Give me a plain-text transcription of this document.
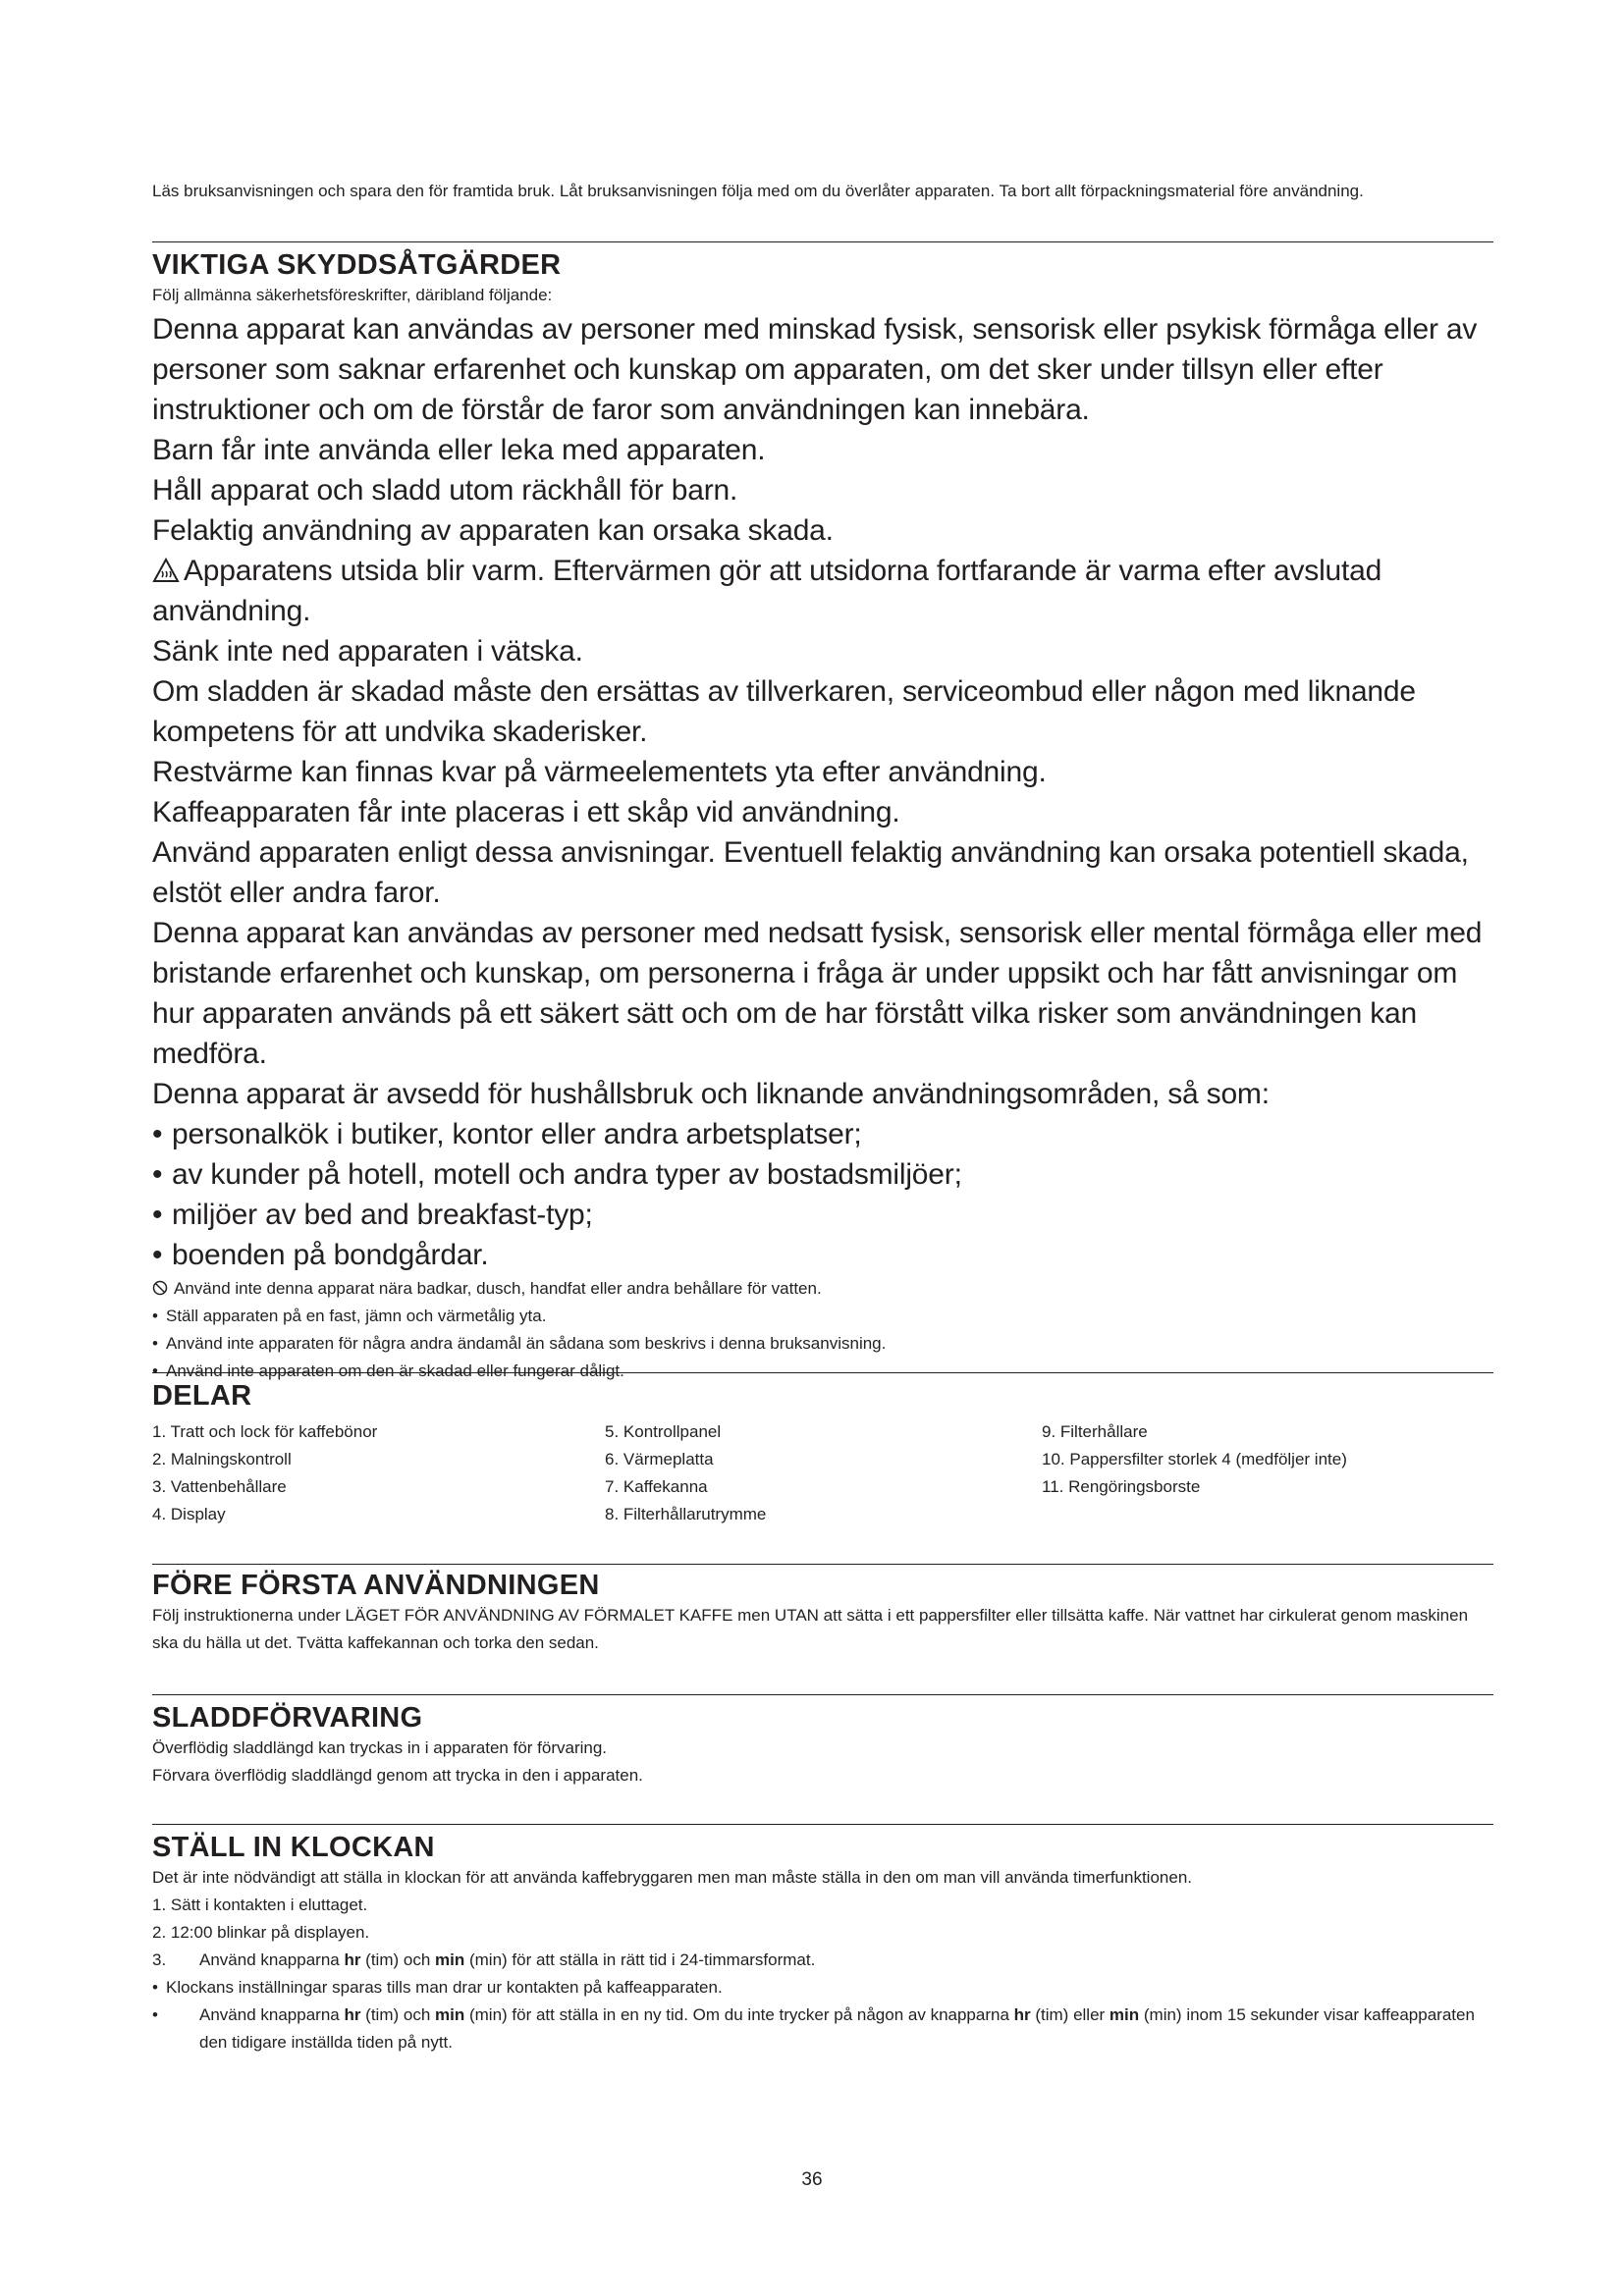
Läs bruksanvisningen och spara den för framtida bruk. Låt bruksanvisningen följa med om du överlåter apparaten. Ta bort allt förpackningsmaterial före användning.

VIKTIGA SKYDDSÅTGÄRDER

Följ allmänna säkerhetsföreskrifter, däribland följande:

Denna apparat kan användas av personer med minskad fysisk, sensorisk eller psykisk förmåga eller av personer som saknar erfarenhet och kunskap om apparaten, om det sker under tillsyn eller efter instruktioner och om de förstår de faror som användningen kan innebära.

Barn får inte använda eller leka med apparaten.

Håll apparat och sladd utom räckhåll för barn.

Felaktig användning av apparaten kan orsaka skada.

Apparatens utsida blir varm. Eftervärmen gör att utsidorna fortfarande är varma efter avslutad användning.

Sänk inte ned apparaten i vätska.

Om sladden är skadad måste den ersättas av tillverkaren, serviceombud eller någon med liknande kompetens för att undvika skaderisker.

Restvärme kan finnas kvar på värmeelementets yta efter användning.

Kaffeapparaten får inte placeras i ett skåp vid användning.

Använd apparaten enligt dessa anvisningar. Eventuell felaktig användning kan orsaka potentiell skada, elstöt eller andra faror.

Denna apparat kan användas av personer med nedsatt fysisk, sensorisk eller mental förmåga eller med bristande erfarenhet och kunskap, om personerna i fråga är under uppsikt och har fått anvisningar om hur apparaten används på ett säkert sätt och om de har förstått vilka risker som användningen kan medföra.

Denna apparat är avsedd för hushållsbruk och liknande användningsområden, så som:

• personalkök i butiker, kontor eller andra arbetsplatser;

• av kunder på hotell, motell och andra typer av bostadsmiljöer;

• miljöer av bed and breakfast-typ;

• boenden på bondgårdar.

Använd inte denna apparat nära badkar, dusch, handfat eller andra behållare för vatten.

• Ställ apparaten på en fast, jämn och värmetålig yta.

• Använd inte apparaten för några andra ändamål än sådana som beskrivs i denna bruksanvisning.

• Använd inte apparaten om den är skadad eller fungerar dåligt.

DELAR
1. Tratt och lock för kaffebönor
2. Malningskontroll
3. Vattenbehållare
4. Display
5. Kontrollpanel
6. Värmeplatta
7. Kaffekanna
8. Filterhållarutrymme
9. Filterhållare
10. Pappersfilter storlek 4 (medföljer inte)
11. Rengöringsborste
FÖRE FÖRSTA ANVÄNDNINGEN

Följ instruktionerna under LÄGET FÖR ANVÄNDNING AV FÖRMALET KAFFE men UTAN att sätta i ett pappersfilter eller tillsätta kaffe. När vattnet har cirkulerat genom maskinen ska du hälla ut det. Tvätta kaffekannan och torka den sedan.

SLADDFÖRVARING

Överflödig sladdlängd kan tryckas in i apparaten för förvaring.

Förvara överflödig sladdlängd genom att trycka in den i apparaten.

STÄLL IN KLOCKAN

Det är inte nödvändigt att ställa in klockan för att använda kaffebryggaren men man måste ställa in den om man vill använda timerfunktionen.

1. Sätt i kontakten i eluttaget.

2. 12:00 blinkar på displayen.

3. Använd knapparna hr (tim) och min (min) för att ställa in rätt tid i 24-timmarsformat.

• Klockans inställningar sparas tills man drar ur kontakten på kaffeapparaten.

• Använd knapparna hr (tim) och min (min) för att ställa in en ny tid. Om du inte trycker på någon av knapparna hr (tim) eller min (min) inom 15 sekunder visar kaffeapparaten den tidigare inställda tiden på nytt.

36
